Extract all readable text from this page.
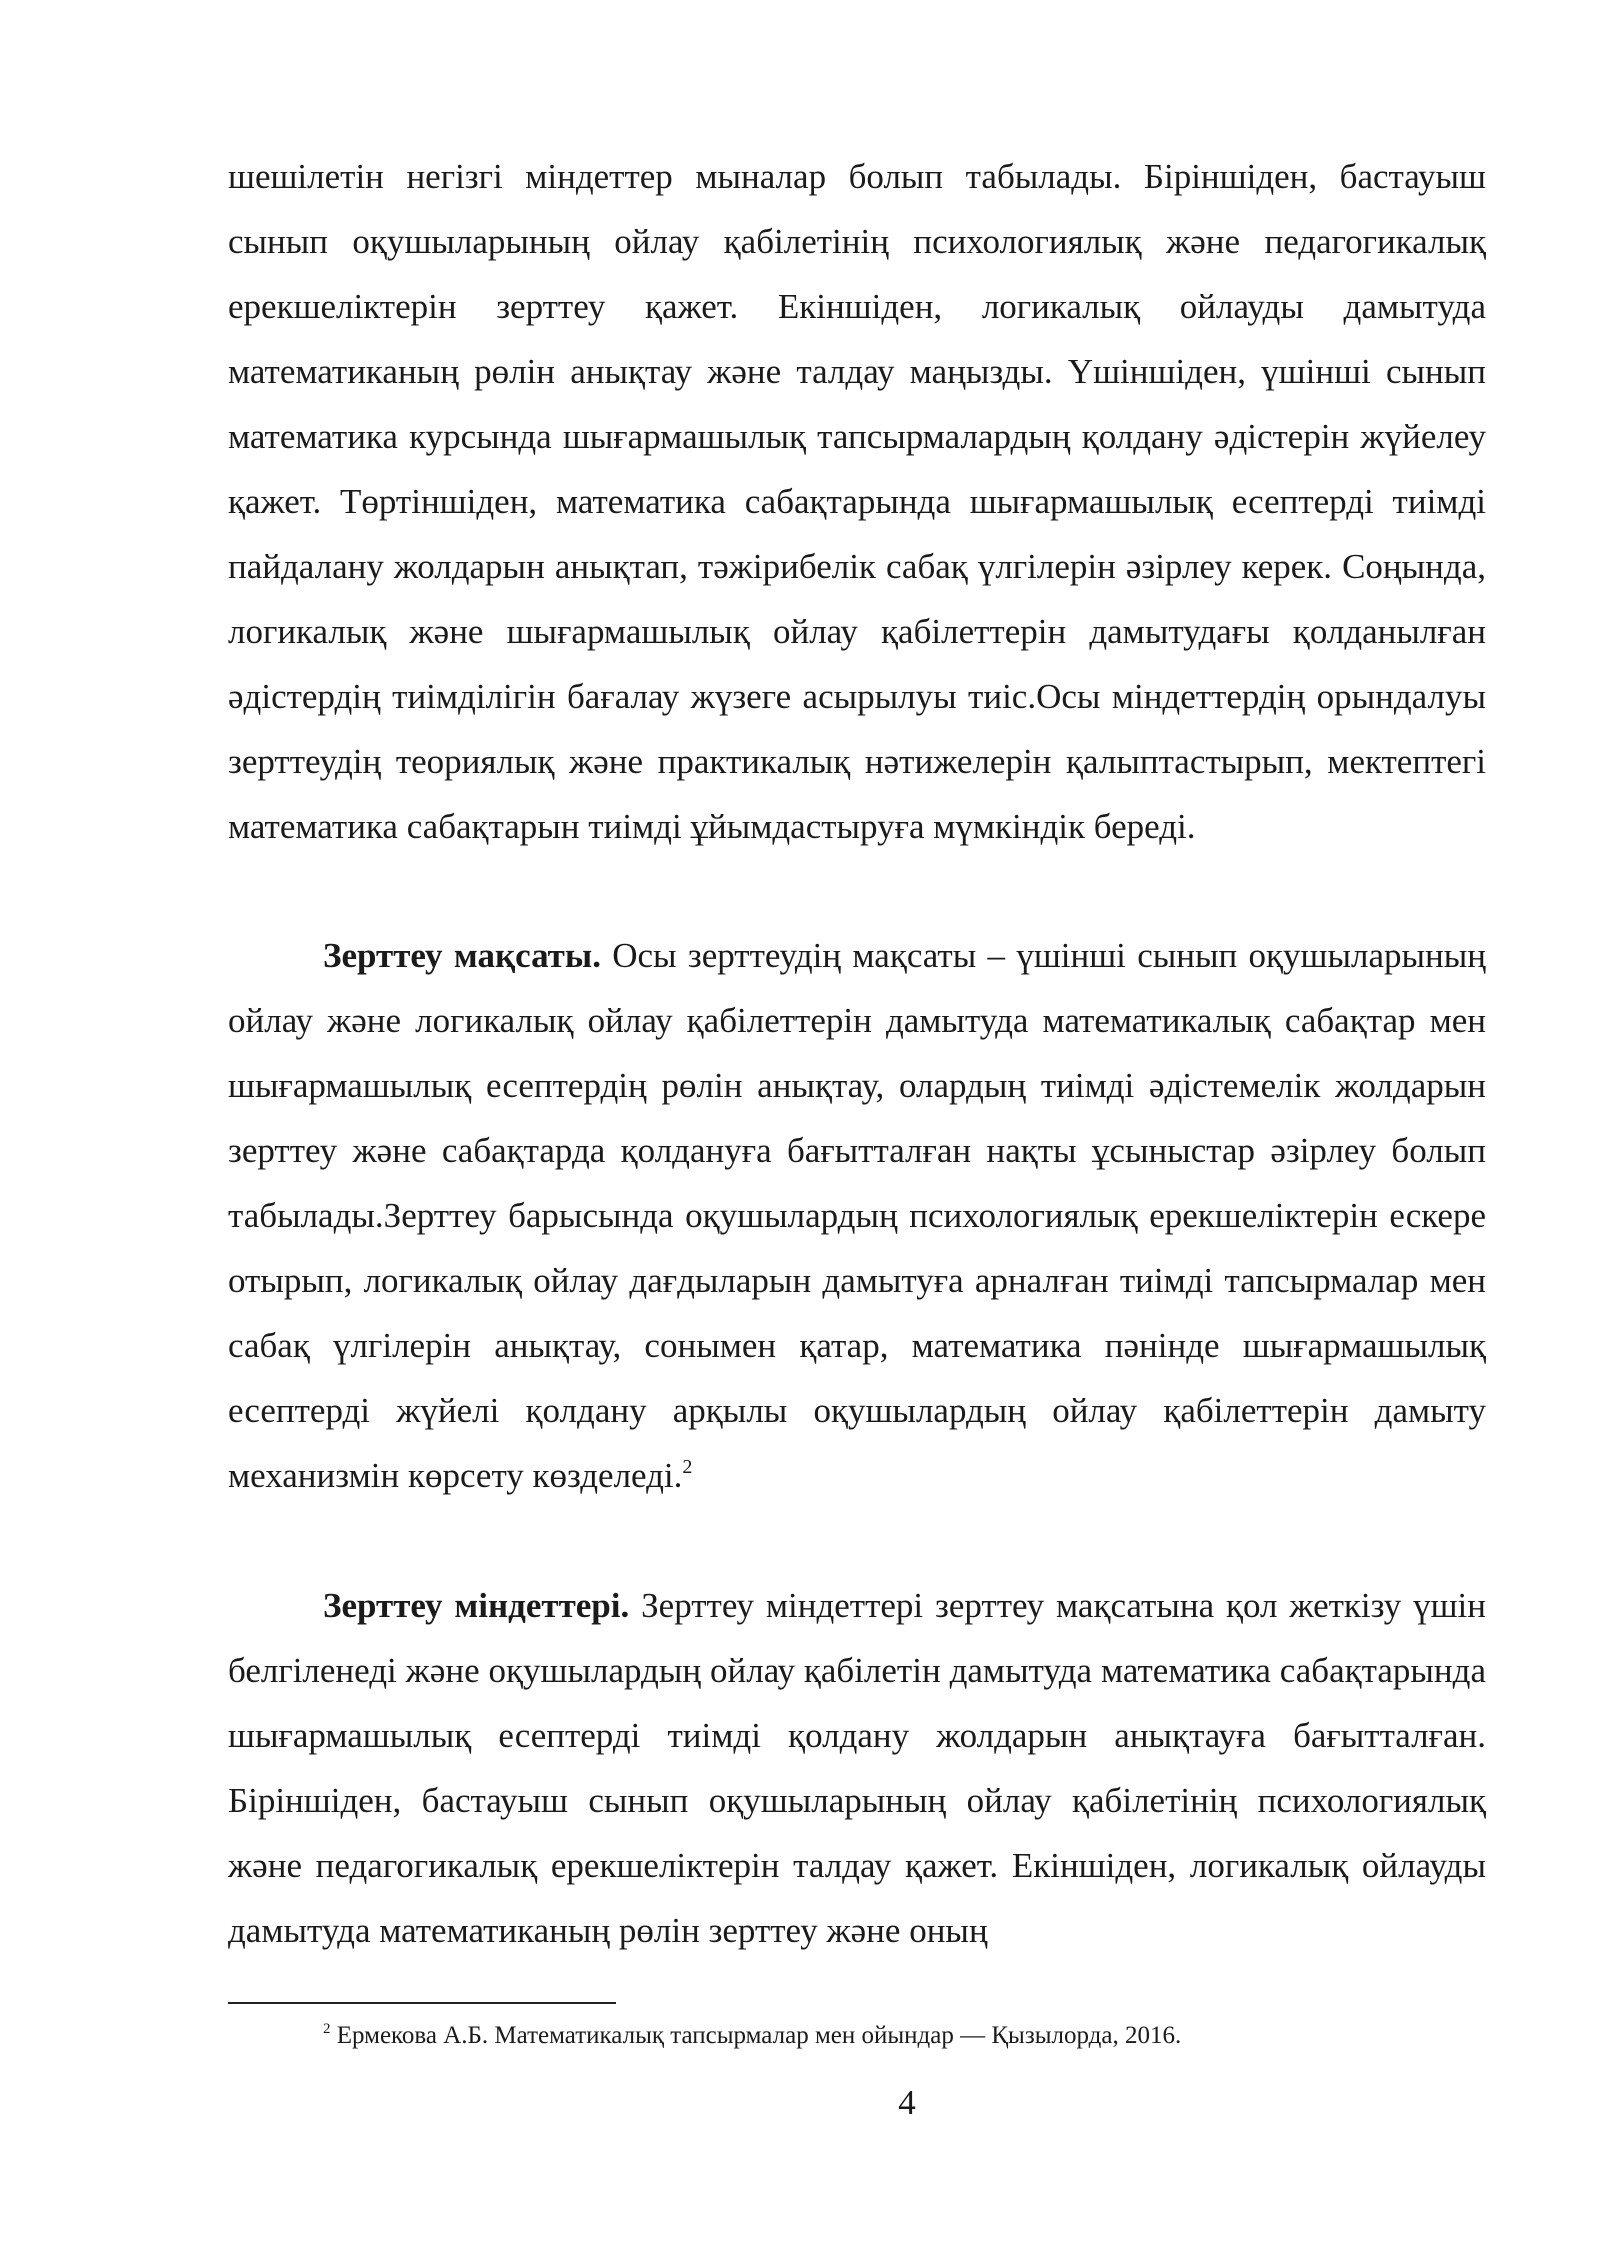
шешілетін негізгі міндеттер мыналар болып табылады. Біріншіден, бастауыш сынып оқушыларының ойлау қабілетінің психологиялық және педагогикалық ерекшеліктерін зерттеу қажет. Екіншіден, логикалық ойлауды дамытуда математиканың рөлін анықтау және талдау маңызды. Үшіншіден, үшінші сынып математика курсында шығармашылық тапсырмалардың қолдану әдістерін жүйелеу қажет. Төртіншіден, математика сабақтарында шығармашылық есептерді тиімді пайдалану жолдарын анықтап, тәжірибелік сабақ үлгілерін әзірлеу керек. Соңында, логикалық және шығармашылық ойлау қабілеттерін дамытудағы қолданылған әдістердің тиімділігін бағалау жүзеге асырылуы тиіс.Осы міндеттердің орындалуы зерттеудің теориялық және практикалық нәтижелерін қалыптастырып, мектептегі математика сабақтарын тиімді ұйымдастыруға мүмкіндік береді.

Зерттеу мақсаты. Осы зерттеудің мақсаты – үшінші сынып оқушыларының ойлау және логикалық ойлау қабілеттерін дамытуда математикалық сабақтар мен шығармашылық есептердің рөлін анықтау, олардың тиімді әдістемелік жолдарын зерттеу және сабақтарда қолдануға бағытталған нақты ұсыныстар әзірлеу болып табылады.Зерттеу барысында оқушылардың психологиялық ерекшеліктерін ескере отырып, логикалық ойлау дағдыларын дамытуға арналған тиімді тапсырмалар мен сабақ үлгілерін анықтау, сонымен қатар, математика пәнінде шығармашылық есептерді жүйелі қолдану арқылы оқушылардың ойлау қабілеттерін дамыту механизмін көрсету көзделеді.$^2$

Зерттеу міндеттері. Зерттеу міндеттері зерттеу мақсатына қол жеткізу үшін белгіленеді және оқушылардың ойлау қабілетін дамытуда математика сабақтарында шығармашылық есептерді тиімді қолдану жолдарын анықтауға бағытталған. Біріншіден, бастауыш сынып оқушыларының ойлау қабілетінің психологиялық және педагогикалық ерекшеліктерін талдау қажет. Екіншіден, логикалық ойлауды дамытуда математиканың рөлін зерттеу және оның

$^2$ Ермекова А.Б. Математикалық тапсырмалар мен ойындар — Қызылорда, 2016.

4
